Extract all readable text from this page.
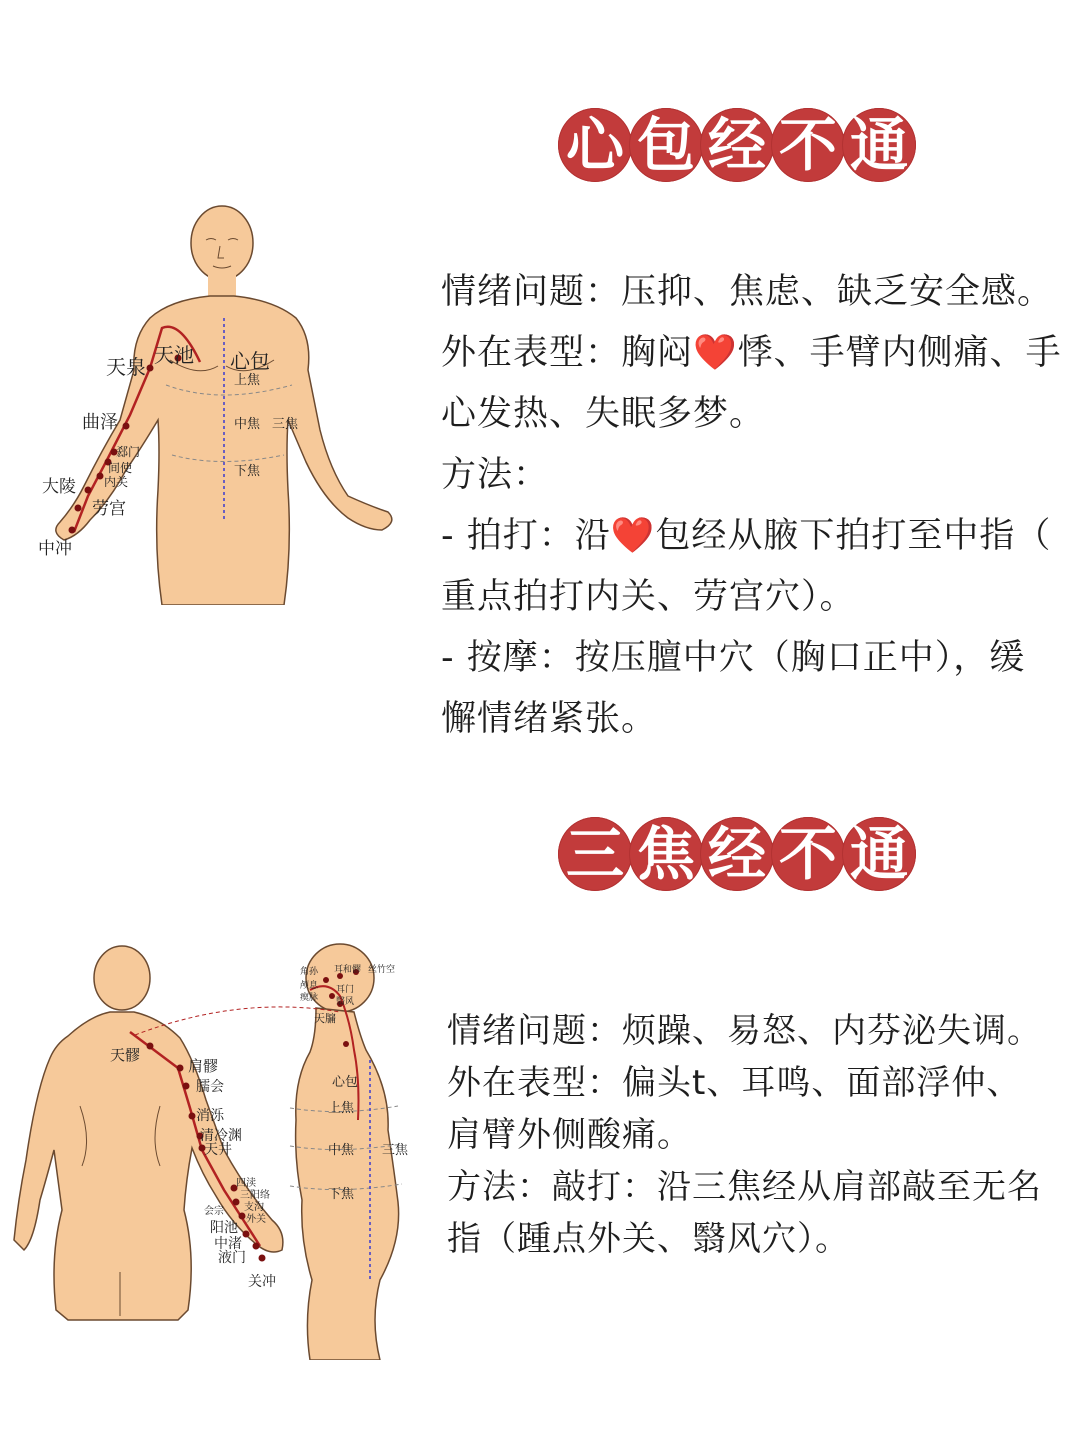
心 包 经 不 通
天泉 天池 心包
上焦
中焦 三焦
下焦
曲泽
郄门
间使
内关
大陵
劳宫
中冲
情绪问题：压抑、焦虑、缺乏安全感。
外在表型：胸闷❤️悸、手臂内侧痛、手
心发热、失眠多梦。
方法：
- 拍打：沿❤️包经从腋下拍打至中指（
重点拍打内关、劳宫穴）。
- 按摩：按压膻中穴（胸口正中），缓
懈情绪紧张。
三 焦 经 不 通
天髎
肩髎
臑会
消泺
清冷渊
天井
四渎
三阳络
支沟
外关
会宗
阳池
中渚
液门
关冲
角孙 耳和髎 丝竹空
颅息 耳门
瘈脉 翳风
天牖
心包
上焦
中焦 三焦
下焦
情绪问题：烦躁、易怒、内芬泌失调。
外在表型：偏头t、耳鸣、面部浮仲、
肩臂外侧酸痛。
方法：敲打：沿三焦经从肩部敲至无名
指（踵点外关、翳风穴）。
